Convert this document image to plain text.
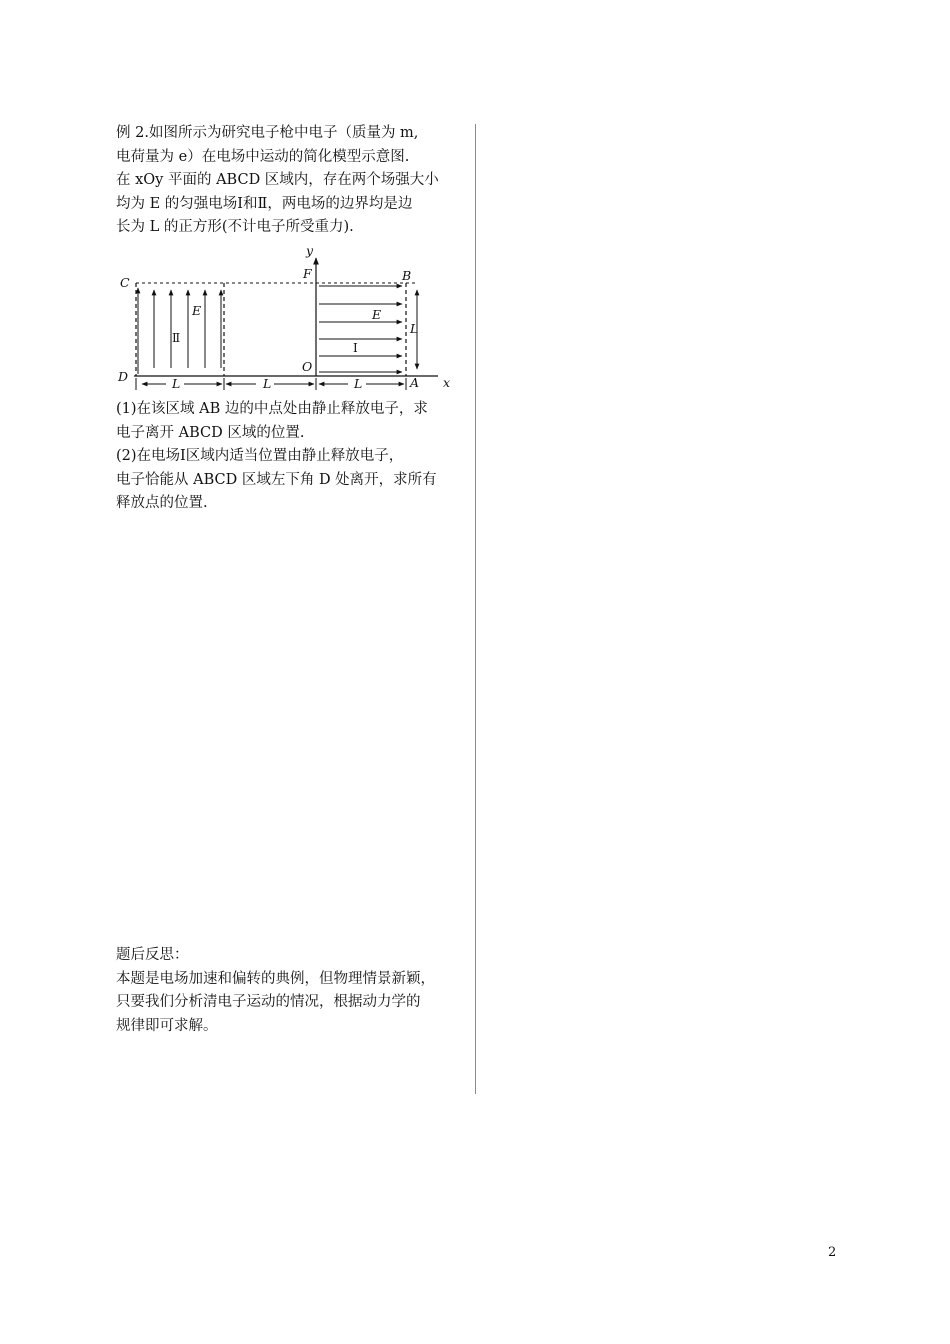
例 2.如图所示为研究电子枪中电子（质量为 m,

电荷量为 e）在电场中运动的简化模型示意图.

在 xOy 平面的 ABCD 区域内，存在两个场强大小

均为 E 的匀强电场Ⅰ和Ⅱ，两电场的边界均是边

长为 L 的正方形(不计电子所受重力).

y
x
C
D
F	B
O
A
E	E
Ⅱ
Ⅰ
L	L	L
L

(1)在该区域 AB 边的中点处由静止释放电子，求

电子离开 ABCD 区域的位置.

(2)在电场Ⅰ区域内适当位置由静止释放电子，

电子恰能从 ABCD 区域左下角 D 处离开，求所有

释放点的位置.

题后反思：

本题是电场加速和偏转的典例，但物理情景新颖，

只要我们分析清电子运动的情况，根据动力学的

规律即可求解。

2
